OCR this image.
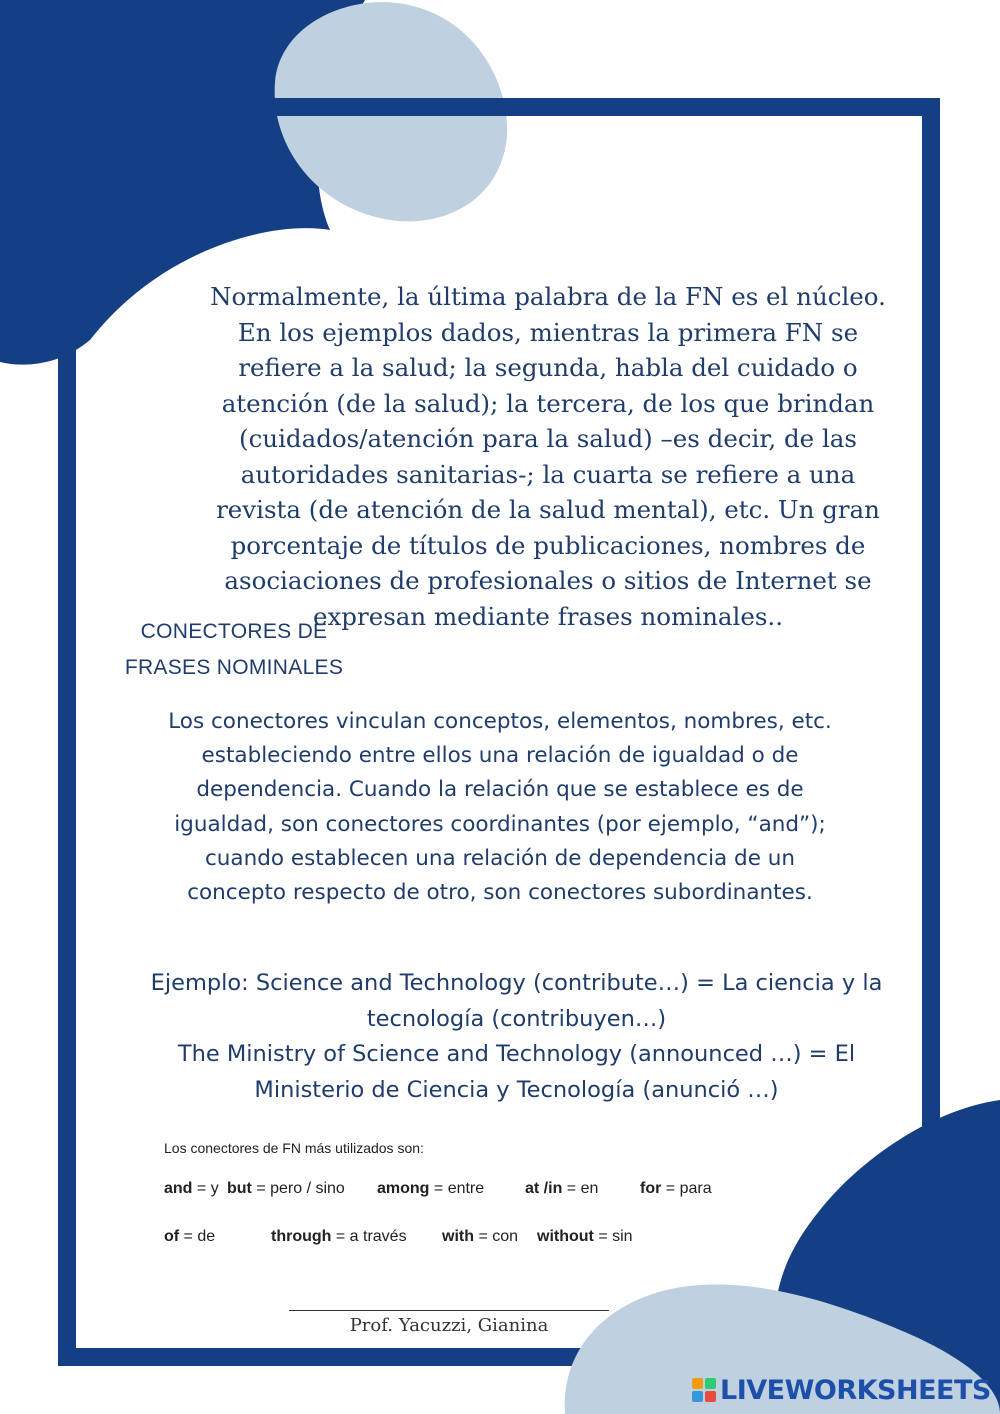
Normalmente, la última palabra de la FN es el núcleo. En los ejemplos dados, mientras la primera FN se refiere a la salud; la segunda, habla del cuidado o atención (de la salud); la tercera, de los que brindan (cuidados/atención para la salud) –es decir, de las autoridades sanitarias-; la cuarta se refiere a una revista (de atención de la salud mental), etc. Un gran porcentaje de títulos de publicaciones, nombres de asociaciones de profesionales o sitios de Internet se expresan mediante frases nominales..

CONECTORES DE
FRASES NOMINALES

Los conectores vinculan conceptos, elementos, nombres, etc. estableciendo entre ellos una relación de igualdad o de dependencia. Cuando la relación que se establece es de igualdad, son conectores coordinantes (por ejemplo, “and”); cuando establecen una relación de dependencia de un concepto respecto de otro, son conectores subordinantes.

Ejemplo: Science and Technology (contribute…) = La ciencia y la tecnología (contribuyen…)
The Ministry of Science and Technology (announced …) = El Ministerio de Ciencia y Tecnología (anunció …)

Los conectores de FN más utilizados son:

and = y but = pero / sino among = entre	at /in = en	for = para
of = de	through = a través with = con without = sin
Prof. Yacuzzi, Gianina
LIVEWORKSHEETS
